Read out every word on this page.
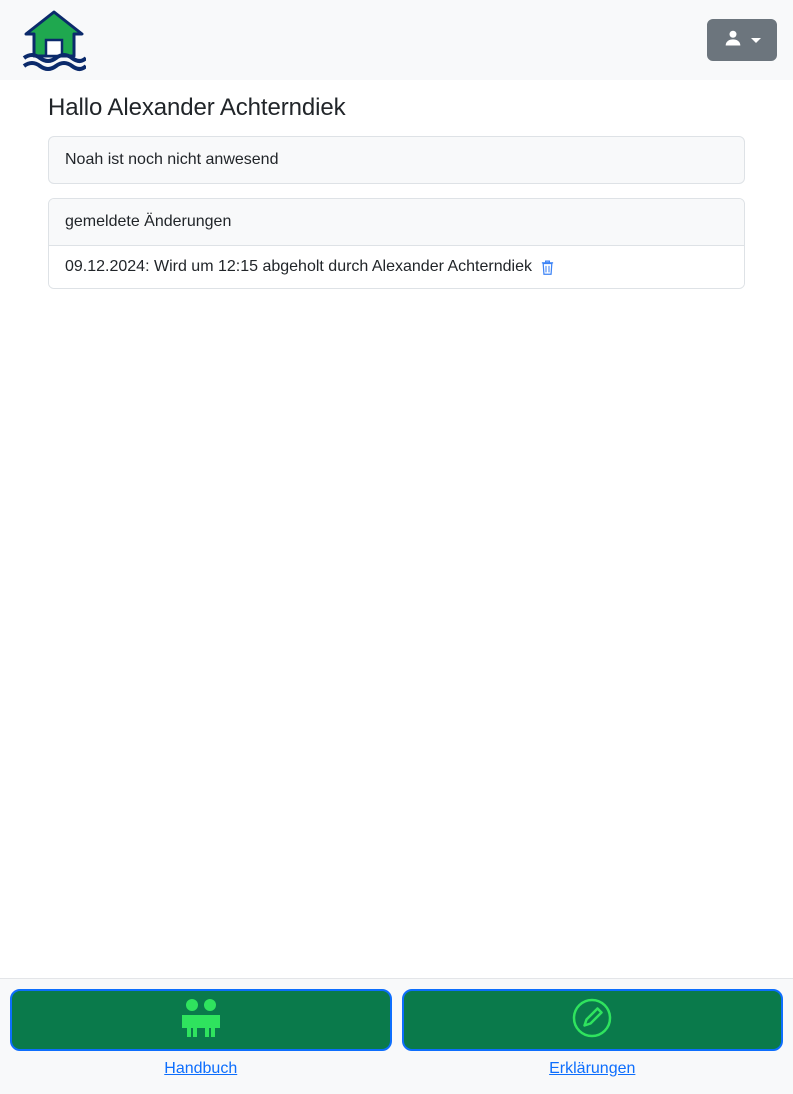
Hallo Alexander Achterndiek
Noah ist noch nicht anwesend
gemeldete Änderungen
09.12.2024: Wird um 12:15 abgeholt durch Alexander Achterndiek
Handbuch	Erklärungen
